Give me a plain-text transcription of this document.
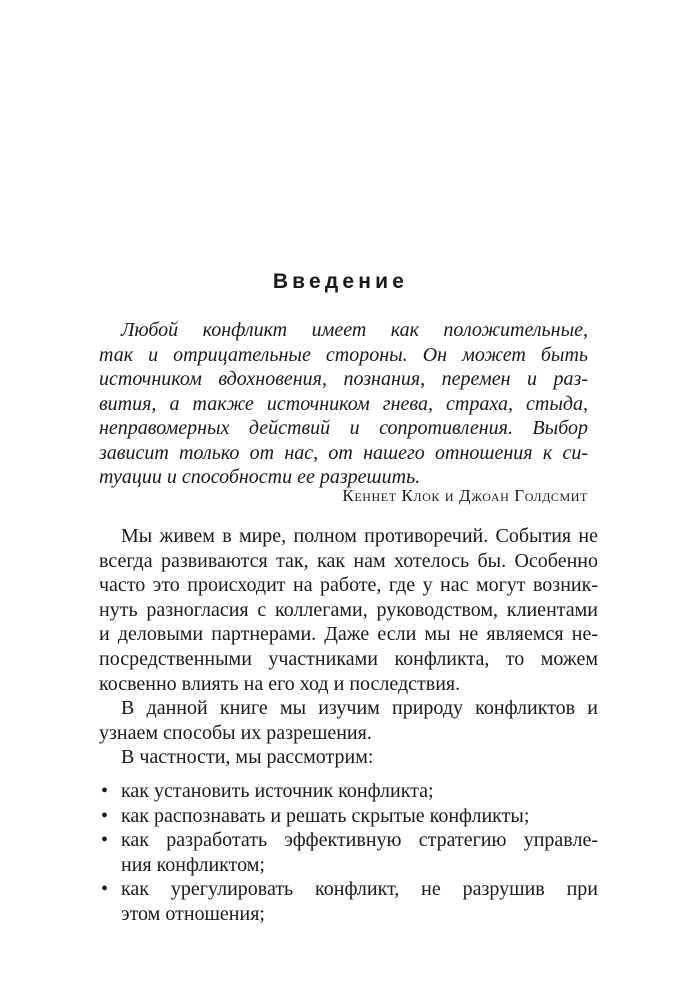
Введение
Любой конфликт имеет как положительные,
так и отрицательные стороны. Он может быть
источником вдохновения, познания, перемен и раз-
вития, а также источником гнева, страха, стыда,
неправомерных действий и сопротивления. Выбор
зависит только от нас, от нашего отношения к си-
туации и способности ее разрешить.
Кеннет Клок и Джоан Голдсмит
Мы живем в мире, полном противоречий. События не
всегда развиваются так, как нам хотелось бы. Особенно
часто это происходит на работе, где у нас могут возник-
нуть разногласия с коллегами, руководством, клиентами
и деловыми партнерами. Даже если мы не являемся не-
посредственными участниками конфликта, то можем
косвенно влиять на его ход и последствия.
В данной книге мы изучим природу конфликтов и
узнаем способы их разрешения.
В частности, мы рассмотрим:
• как установить источник конфликта;
• как распознавать и решать скрытые конфликты;
• как разработать эффективную стратегию управле-
ния конфликтом;
• как урегулировать конфликт, не разрушив при
этом отношения;
